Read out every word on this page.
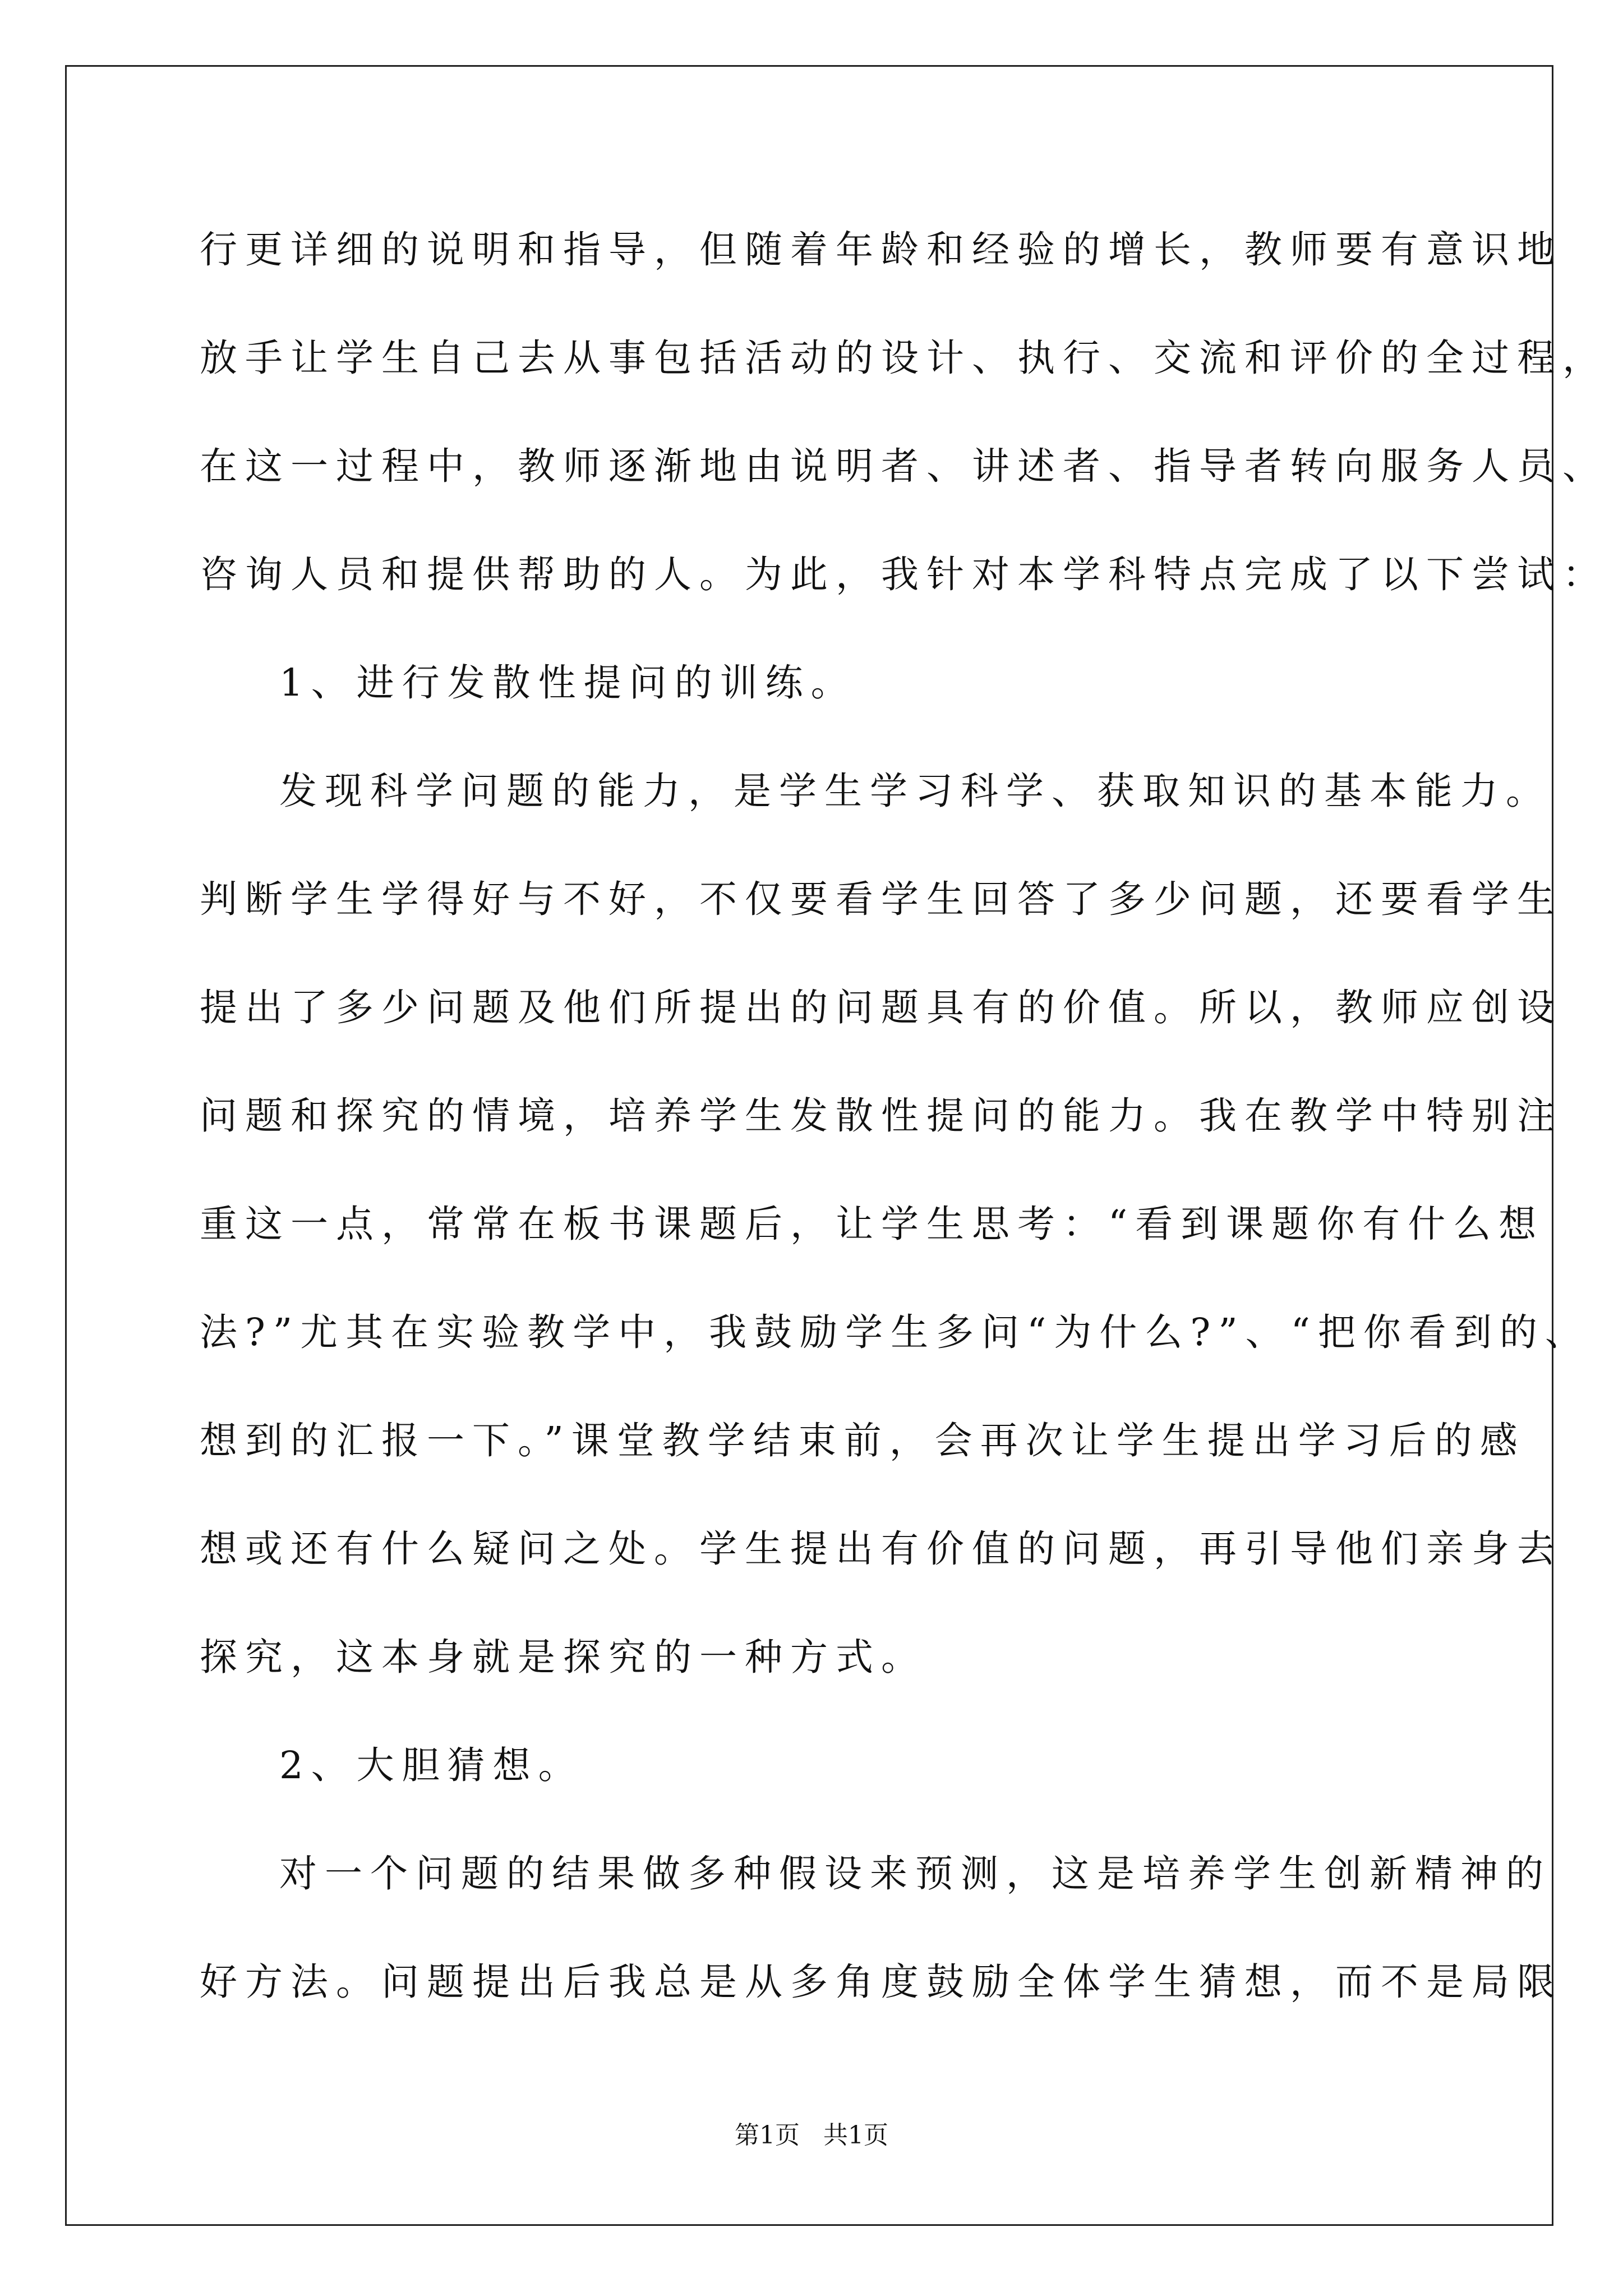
行更详细的说明和指导，但随着年龄和经验的增长，教师要有意识地
放手让学生自己去从事包括活动的设计、执行、交流和评价的全过程，
在这一过程中，教师逐渐地由说明者、讲述者、指导者转向服务人员、
咨询人员和提供帮助的人。为此，我针对本学科特点完成了以下尝试：
1、进行发散性提问的训练。
发现科学问题的能力，是学生学习科学、获取知识的基本能力。
判断学生学得好与不好，不仅要看学生回答了多少问题，还要看学生
提出了多少问题及他们所提出的问题具有的价值。所以，教师应创设
问题和探究的情境，培养学生发散性提问的能力。我在教学中特别注
重这一点，常常在板书课题后，让学生思考：“看到课题你有什么想
法?”尤其在实验教学中，我鼓励学生多问“为什么?”、“把你看到的、
想到的汇报一下。”课堂教学结束前，会再次让学生提出学习后的感
想或还有什么疑问之处。学生提出有价值的问题，再引导他们亲身去
探究，这本身就是探究的一种方式。
2、大胆猜想。
对一个问题的结果做多种假设来预测，这是培养学生创新精神的
好方法。问题提出后我总是从多角度鼓励全体学生猜想，而不是局限
第1页   共1页
